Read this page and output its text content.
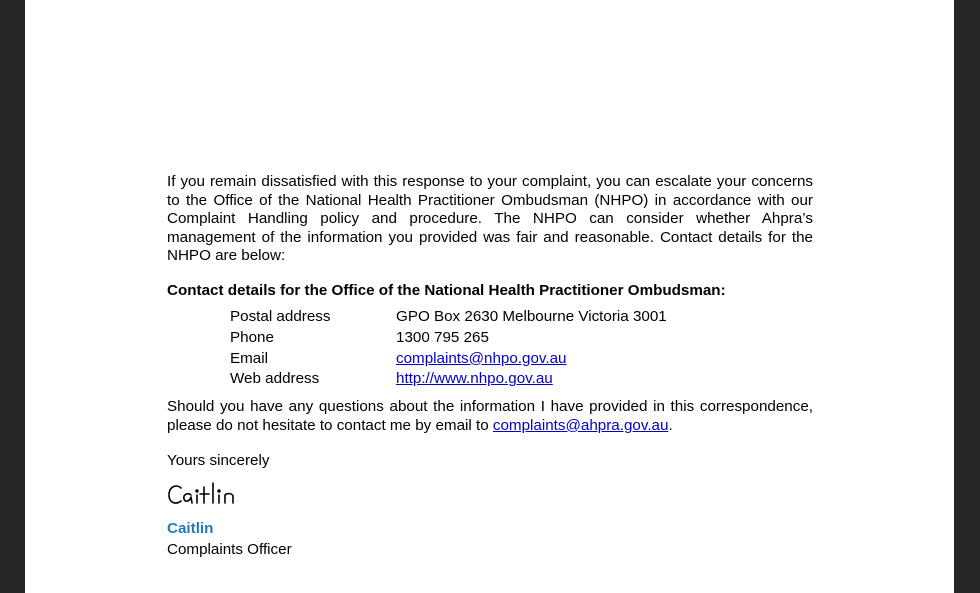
If you remain dissatisfied with this response to your complaint, you can escalate your concerns to the Office of the National Health Practitioner Ombudsman (NHPO) in accordance with our Complaint Handling policy and procedure. The NHPO can consider whether Ahpra’s management of the information you provided was fair and reasonable. Contact details for the NHPO are below:

Contact details for the Office of the National Health Practitioner Ombudsman:

Postal address	GPO Box 2630 Melbourne Victoria 3001
Phone	1300 795 265
Email	complaints@nhpo.gov.au
Web address	http://www.nhpo.gov.au

Should you have any questions about the information I have provided in this correspondence, please do not hesitate to contact me by email to complaints@ahpra.gov.au.

Yours sincerely

Caitlin

Complaints Officer
